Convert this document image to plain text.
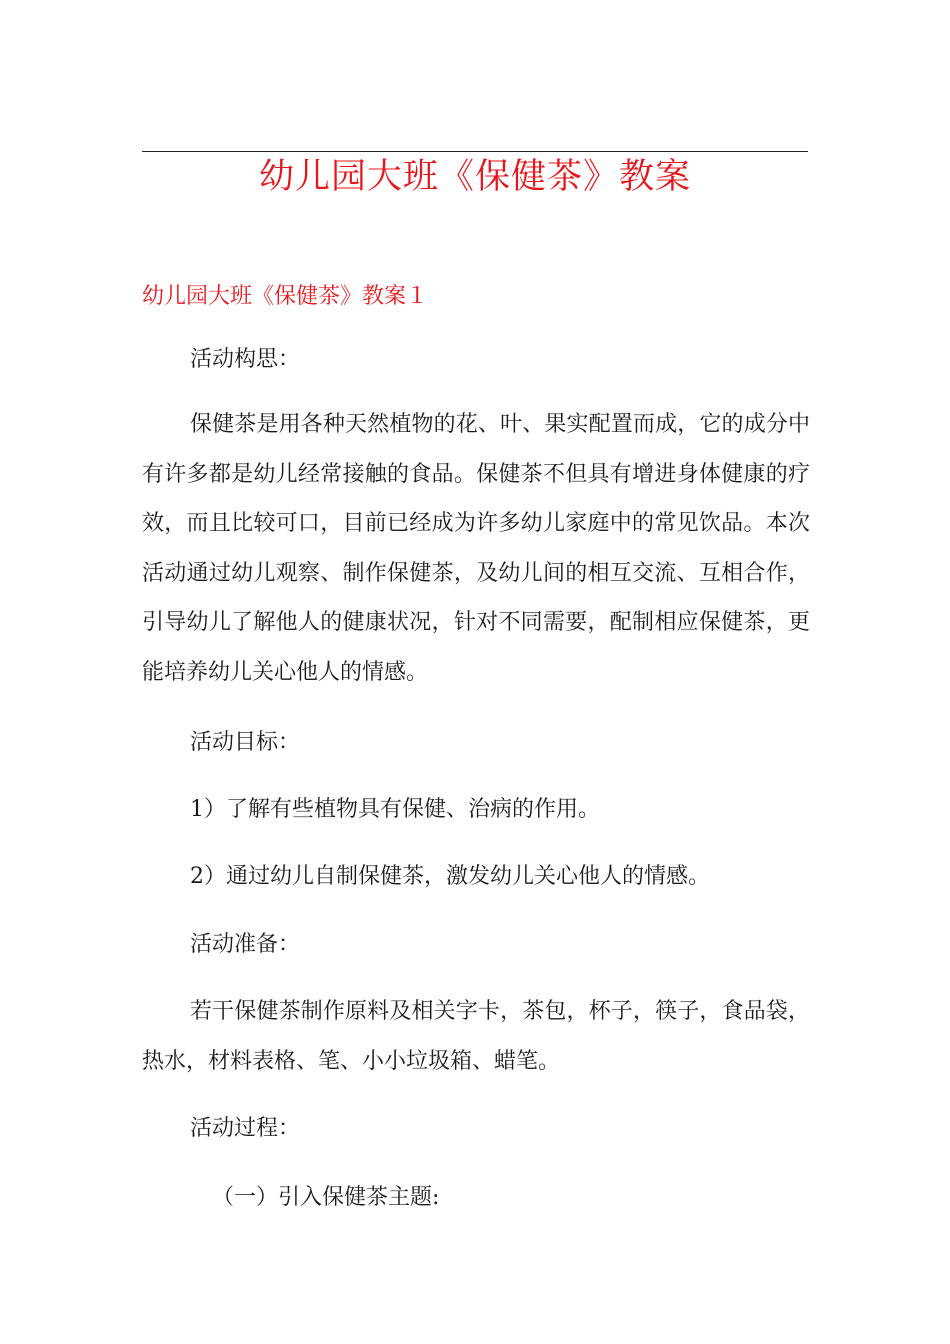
幼儿园大班《保健茶》教案
幼儿园大班《保健茶》教案１

活动构思：

保健茶是用各种天然植物的花、叶、果实配置而成，它的成分中有许多都是幼儿经常接触的食品。保健茶不但具有增进身体健康的疗效，而且比较可口，目前已经成为许多幼儿家庭中的常见饮品。本次活动通过幼儿观察、制作保健茶，及幼儿间的相互交流、互相合作，引导幼儿了解他人的健康状况，针对不同需要，配制相应保健茶，更能培养幼儿关心他人的情感。

活动目标：

1）了解有些植物具有保健、治病的作用。

2）通过幼儿自制保健茶，激发幼儿关心他人的情感。

活动准备：

若干保健茶制作原料及相关字卡，茶包，杯子，筷子，食品袋，热水，材料表格、笔、小小垃圾箱、蜡笔。

活动过程：

（一）引入保健茶主题:
